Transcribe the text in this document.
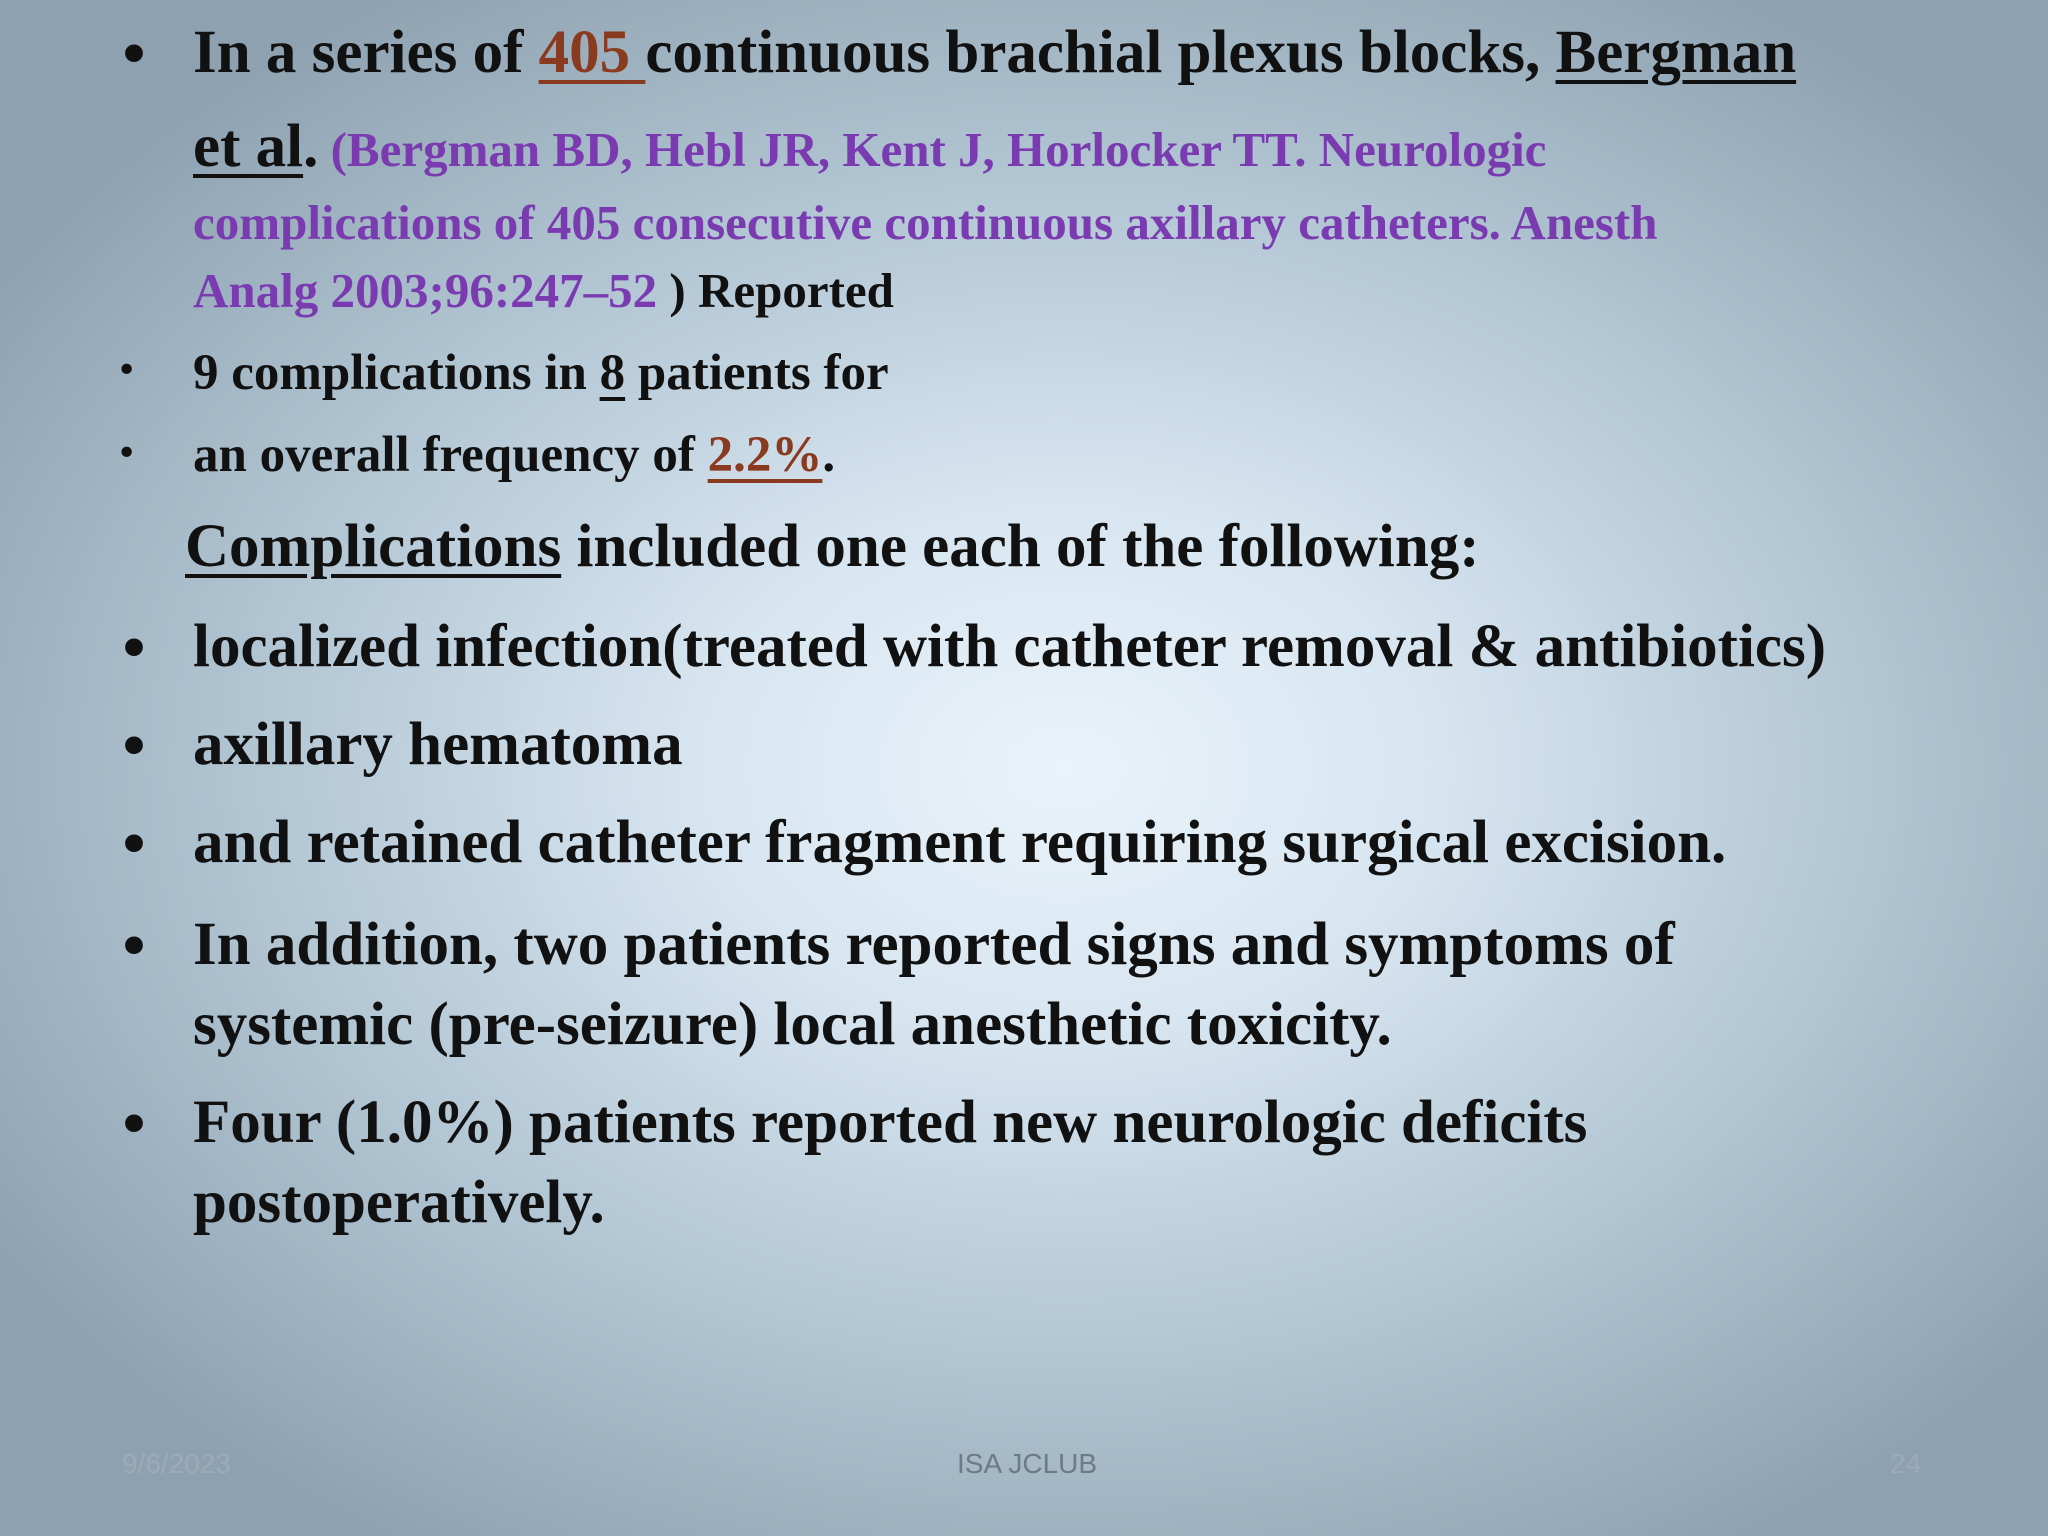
• In a series of 405 continuous brachial plexus blocks, Bergman
et al. (Bergman BD, Hebl JR, Kent J, Horlocker TT. Neurologic
complications of 405 consecutive continuous axillary catheters. Anesth
Analg 2003;96:247–52 ) Reported
• 9 complications in 8 patients for
• an overall frequency of 2.2%.
Complications included one each of the following:
• localized infection(treated with catheter removal & antibiotics)
• axillary hematoma
• and retained catheter fragment requiring surgical excision.
• In addition, two patients reported signs and symptoms of
systemic (pre-seizure) local anesthetic toxicity.
• Four (1.0%) patients reported new neurologic deficits
postoperatively.
9/6/2023	ISA JCLUB	24
